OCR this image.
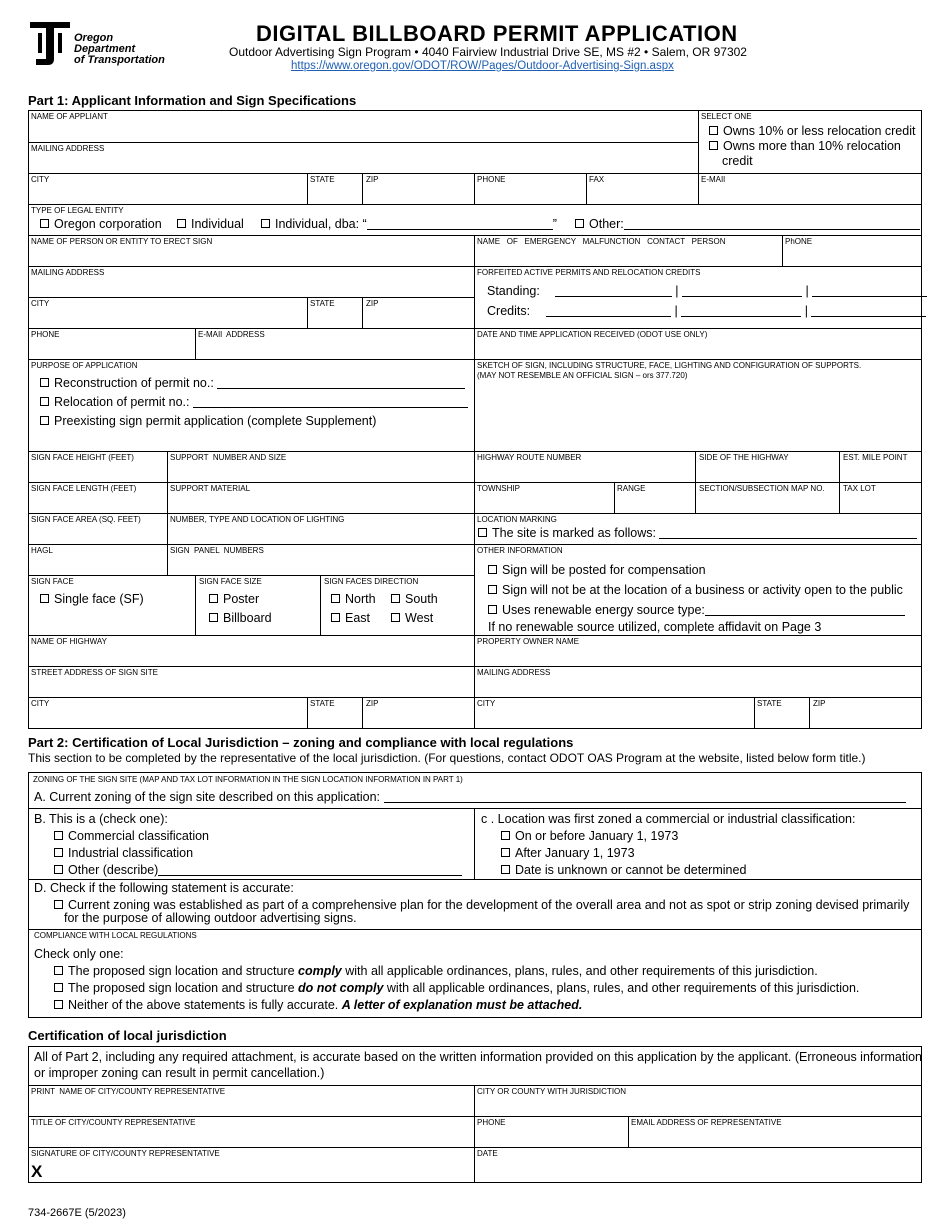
Oregon
Department
of Transportation
DIGITAL BILLBOARD PERMIT APPLICATION
Outdoor Advertising Sign Program • 4040 Fairview Industrial Drive SE, MS #2 • Salem, OR 97302
https://www.oregon.gov/ODOT/ROW/Pages/Outdoor-Advertising-Sign.aspx
Part 1: Applicant Information and Sign Specifications
NAME OF APPLIANT	SELECT ONE
Owns 10% or less relocation credit
Owns more than 10% relocation
credit
MAILING ADDRESS
CITY	STATE	ZIP	PHONE	FAX	E-MAIl
TYPE OF LEGAL ENTITY
Oregon corporation	Individual	Individual, dba: “	”	Other:
NAME OF PERSON OR ENTITY TO ERECT SIGN	NAME   OF   EMERGENCY   MALFUNCTION   CONTACT   PERSON	PhONE
MAILING ADDRESS	FORFEITED ACTIVE PERMITS AND RELOCATION CREDITS
Standing:	|	|
Credits:	|	|
CITY	STATE	ZIP
PHONE	E-MAIl  ADDRESS	DATE AND TIME APPLICATION RECEIVED (ODOT USE ONLY)
PURPOSE OF APPLICATION
Reconstruction of permit no.:
Relocation of permit no.:
Preexisting sign permit application (complete Supplement)
SKETCH OF SIGN, INCLUDING STRUCTURE, FACE, LIGHTING AND CONFIGURATION OF SUPPORTS.
(MAY NOT RESEMBLE AN OFFICIAL SIGN – ors 377.720)
SIGN FACE HEIGHT (FEET)	SUPPORT  NUMBER AND SIZE	HIGHWAY ROUTE NUMBER	SIDE OF THE HIGHWAY	EST. MILE POINT
SIGN FACE LENGTH (FEET)	SUPPORT MATERIAL	TOWNSHIP	RANGE	SECTION/SUBSECTION MAP NO. TAX LOT
SIGN FACE AREA (SQ. FEET)	NUMBER, TYPE AND LOCATION OF LIGHTING	LOCATION MARKING
The site is marked as follows:
HAGL	SIGN  PANEL  NUMBERS	OTHER INFORMATION
Sign will be posted for compensation
Sign will not be at the location of a business or activity open to the public
Uses renewable energy source type:
If no renewable source utilized, complete affidavit on Page 3
SIGN FACE
Single face (SF)
SIGN FACE SIZE
Poster
Billboard
SIGN FACES DIRECTION
North	South
East	West
NAME OF HIGHWAY	PROPERTY OWNER NAME
STREET ADDRESS OF SIGN SITE	MAILING ADDRESS
CITY	STATE	ZIP	CITY	STATE	ZIP
Part 2: Certification of Local Jurisdiction – zoning and compliance with local regulations
This section to be completed by the representative of the local jurisdiction. (For questions, contact ODOT OAS Program at the website, listed below form title.)
ZONING OF THE SIGN SITE (MAP AND TAX LOT INFORMATION IN THE SIGN LOCATION INFORMATION IN PART 1)
A. Current zoning of the sign site described on this application:
B. This is a (check one):
Commercial classification
Industrial classification
Other (describe)
c . Location was first zoned a commercial or industrial classification:
On or before January 1, 1973
After January 1, 1973
Date is unknown or cannot be determined
D. Check if the following statement is accurate:
Current zoning was established as part of a comprehensive plan for the development of the overall area and not as spot or strip zoning devised primarily
for the purpose of allowing outdoor advertising signs.
COMPLIANCE WITH LOCAL REGULATIONS
Check only one:
The proposed sign location and structure comply with all applicable ordinances, plans, rules, and other requirements of this jurisdiction.
The proposed sign location and structure do not comply with all applicable ordinances, plans, rules, and other requirements of this jurisdiction.
Neither of the above statements is fully accurate. A letter of explanation must be attached.
Certification of local jurisdiction
All of Part 2, including any required attachment, is accurate based on the written information provided on this application by the applicant. (Erroneous information
or improper zoning can result in permit cancellation.)
PRINT  NAME OF CITY/COUNTY REPRESENTATIVE	CITY OR COUNTY WITH JURISDICTION
TITLE OF CITY/COUNTY REPRESENTATIVE	PHONE	EMAIL ADDRESS OF REPRESENTATIVE
SIGNATURE OF CITY/COUNTY REPRESENTATIVE
X
DATE
734-2667E (5/2023)
